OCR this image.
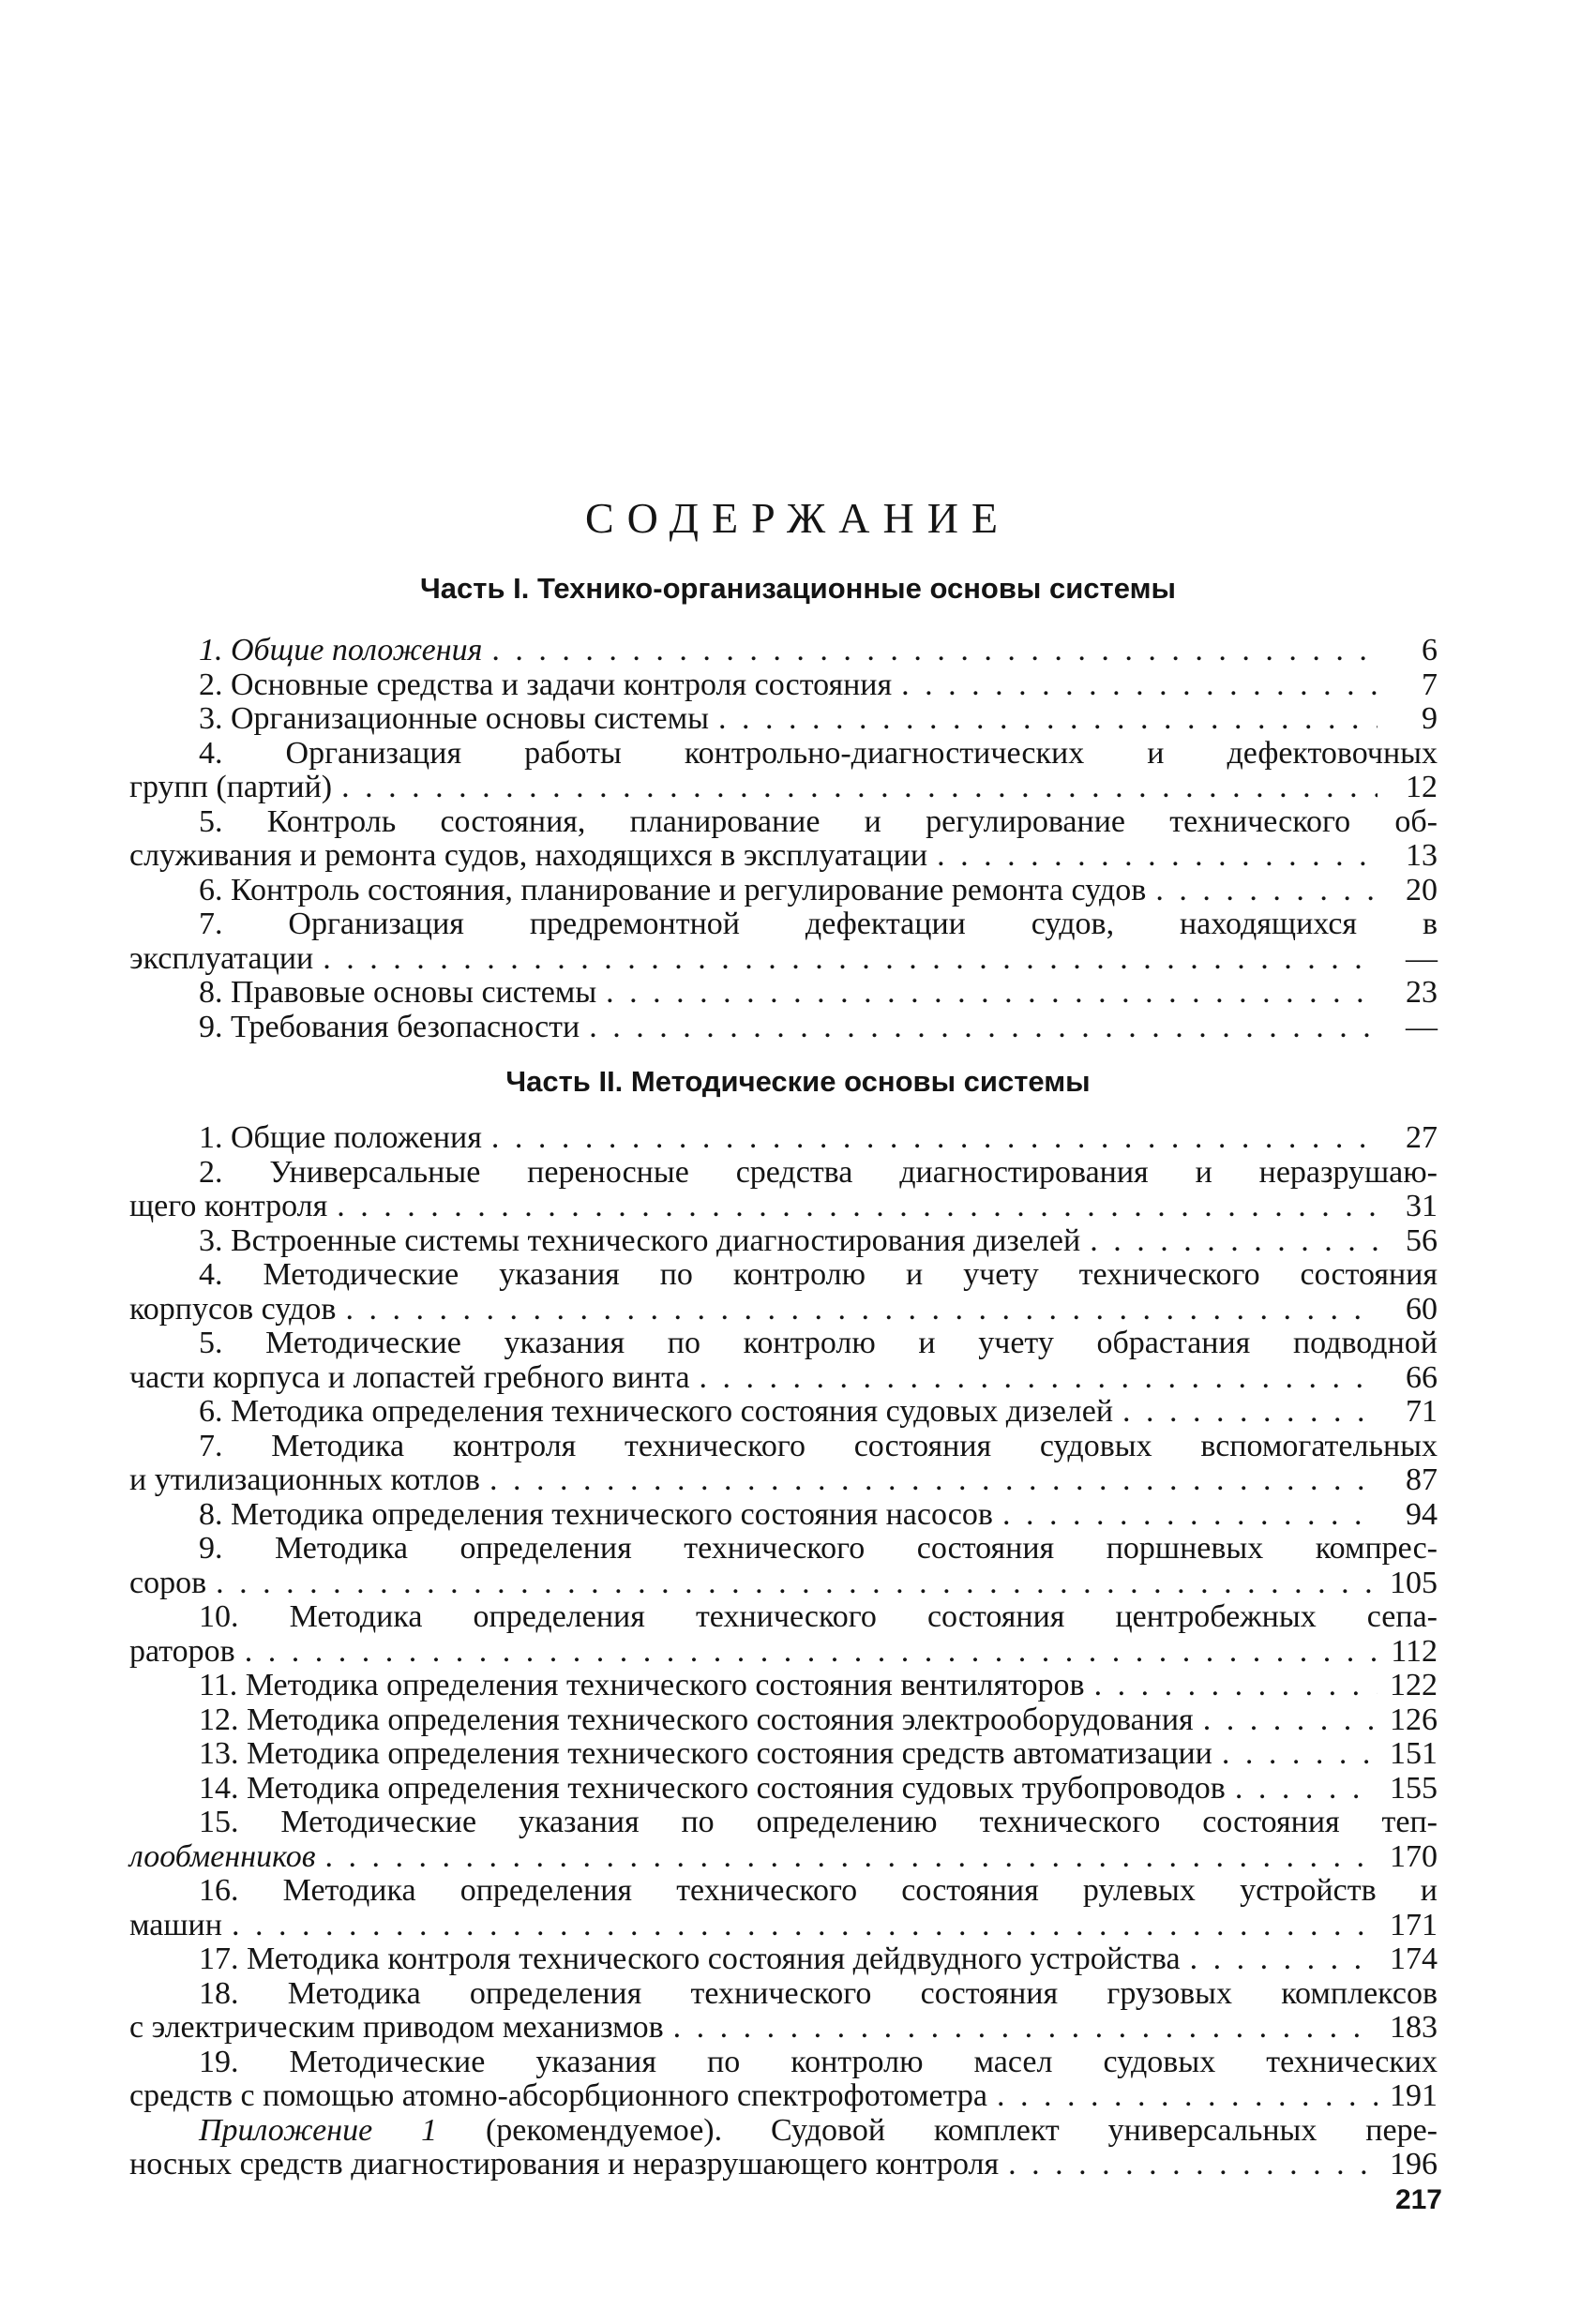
СОДЕРЖАНИЕ
Часть I. Технико-организационные основы системы
1. Общие положения . . .	6
2. Основные средства и задачи контроля состояния . . .	7
3. Организационные основы системы . . .	9
4. Организация работы контрольно-диагностических и дефектовочных
групп (партий) . . .	12
5. Контроль состояния, планирование и регулирование технического об-
служивания и ремонта судов, находящихся в эксплуатации . . .	13
6. Контроль состояния, планирование и регулирование ремонта судов . . .	20
7. Организация предремонтной дефектации судов, находящихся в
эксплуатации . . .	—
8. Правовые основы системы . . .	23
9. Требования безопасности . . .	—
Часть II. Методические основы системы
1. Общие положения . . .	27
2. Универсальные переносные средства диагностирования и неразрушаю-
щего контроля . . .	31
3. Встроенные системы технического диагностирования дизелей . . .	56
4. Методические указания по контролю и учету технического состояния
корпусов судов . . .	60
5. Методические указания по контролю и учету обрастания подводной
части корпуса и лопастей гребного винта . . .	66
6. Методика определения технического состояния судовых дизелей . . .	71
7. Методика контроля технического состояния судовых вспомогательных
и утилизационных котлов . . .	87
8. Методика определения технического состояния насосов . . .	94
9. Методика определения технического состояния поршневых компрес-
соров . . .	105
10. Методика определения технического состояния центробежных сепа-
раторов . . .	112
11. Методика определения технического состояния вентиляторов . . .	122
12. Методика определения технического состояния электрооборудования . . .	126
13. Методика определения технического состояния средств автоматизации . . .	151
14. Методика определения технического состояния судовых трубопроводов . . .	155
15. Методические указания по определению технического состояния теп-
лообменников . . .	170
16. Методика определения технического состояния рулевых устройств и
машин . . .	171
17. Методика контроля технического состояния дейдвудного устройства . . .	174
18. Методика определения технического состояния грузовых комплексов
с электрическим приводом механизмов . . .	183
19. Методические указания по контролю масел судовых технических
средств с помощью атомно-абсорбционного спектрофотометра . . .	191
Приложение 1 (рекомендуемое). Судовой комплект универсальных пере-
носных средств диагностирования и неразрушающего контроля . . .	196
217
